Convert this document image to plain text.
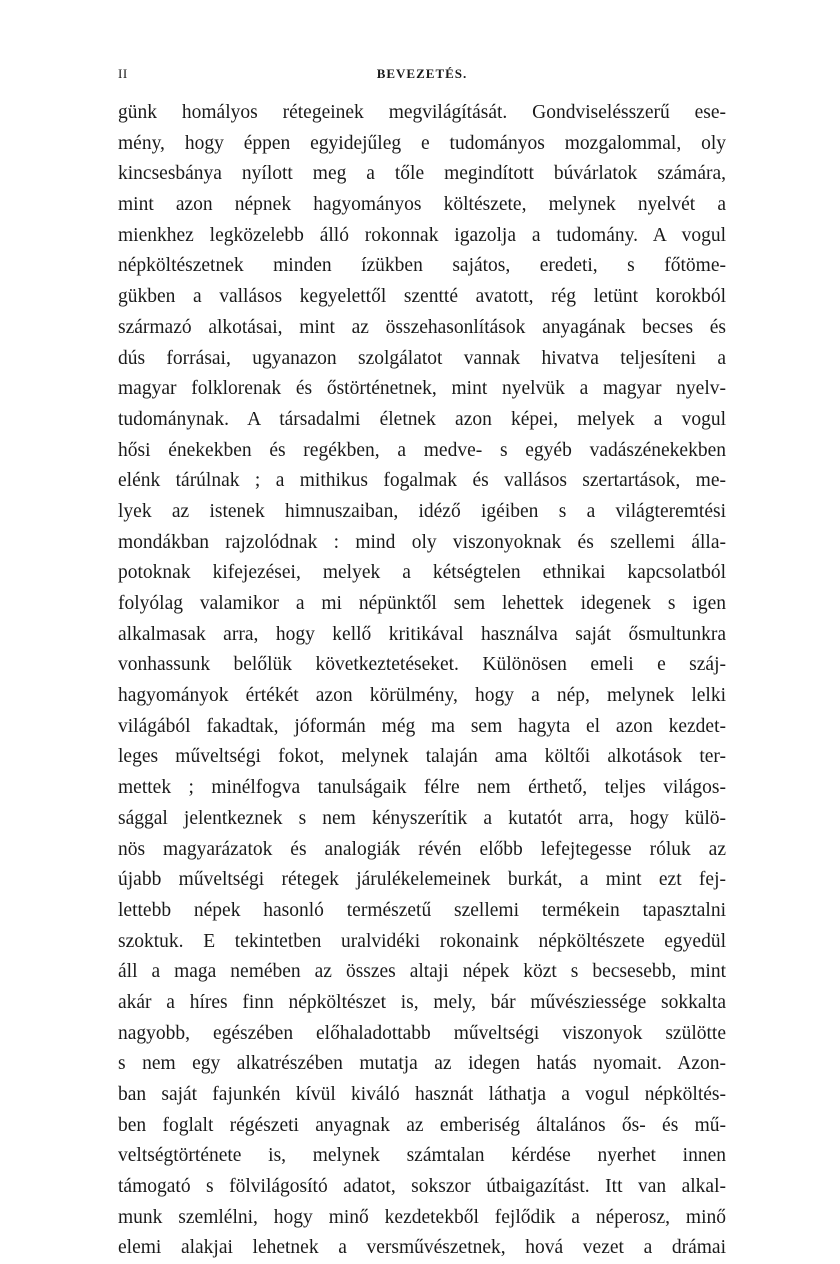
II	BEVEZETÉS.
günk homályos rétegeinek megvilágítását. Gondviselésszerű ese-
mény, hogy éppen egyidejűleg e tudományos mozgalommal, oly
kincsesbánya nyílott meg a tőle megindított búvárlatok számára,
mint azon népnek hagyományos költészete, melynek nyelvét a
mienkhez legközelebb álló rokonnak igazolja a tudomány. A vogul
népköltészetnek minden ízükben sajátos, eredeti, s főtöme-
gükben a vallásos kegyelettől szentté avatott, rég letünt korokból
származó alkotásai, mint az összehasonlítások anyagának becses és
dús forrásai, ugyanazon szolgálatot vannak hivatva teljesíteni a
magyar folklorenak és őstörténetnek, mint nyelvük a magyar nyelv-
tudománynak. A társadalmi életnek azon képei, melyek a vogul
hősi énekekben és regékben, a medve- s egyéb vadászénekekben
elénk tárúlnak ; a mithikus fogalmak és vallásos szertartások, me-
lyek az istenek himnuszaiban, idéző igéiben s a világteremtési
mondákban rajzolódnak : mind oly viszonyoknak és szellemi álla-
potoknak kifejezései, melyek a kétségtelen ethnikai kapcsolatból
folyólag valamikor a mi népünktől sem lehettek idegenek s igen
alkalmasak arra, hogy kellő kritikával használva saját ősmultunkra
vonhassunk belőlük következtetéseket. Különösen emeli e száj-
hagyományok értékét azon körülmény, hogy a nép, melynek lelki
világából fakadtak, jóformán még ma sem hagyta el azon kezdet-
leges műveltségi fokot, melynek talaján ama költői alkotások ter-
mettek ; minélfogva tanulságaik félre nem érthető, teljes világos-
sággal jelentkeznek s nem kényszerítik a kutatót arra, hogy külö-
nös magyarázatok és analogiák révén előbb lefejtegesse róluk az
újabb műveltségi rétegek járulékelemeinek burkát, a mint ezt fej-
lettebb népek hasonló természetű szellemi termékein tapasztalni
szoktuk. E tekintetben uralvidéki rokonaink népköltészete egyedül
áll a maga nemében az összes altaji népek közt s becsesebb, mint
akár a híres finn népköltészet is, mely, bár művésziessége sokkalta
nagyobb, egészében előhaladottabb műveltségi viszonyok szülötte
s nem egy alkatrészében mutatja az idegen hatás nyomait. Azon-
ban saját fajunkén kívül kiváló hasznát láthatja a vogul népköltés-
ben foglalt régészeti anyagnak az emberiség általános ős- és mű-
veltségtörténete is, melynek számtalan kérdése nyerhet innen
támogató s fölvilágosító adatot, sokszor útbaigazítást. Itt van alkal-
munk szemlélni, hogy minő kezdetekből fejlődik a néperosz, minő
elemi alakjai lehetnek a versművészetnek, hová vezet a drámai
